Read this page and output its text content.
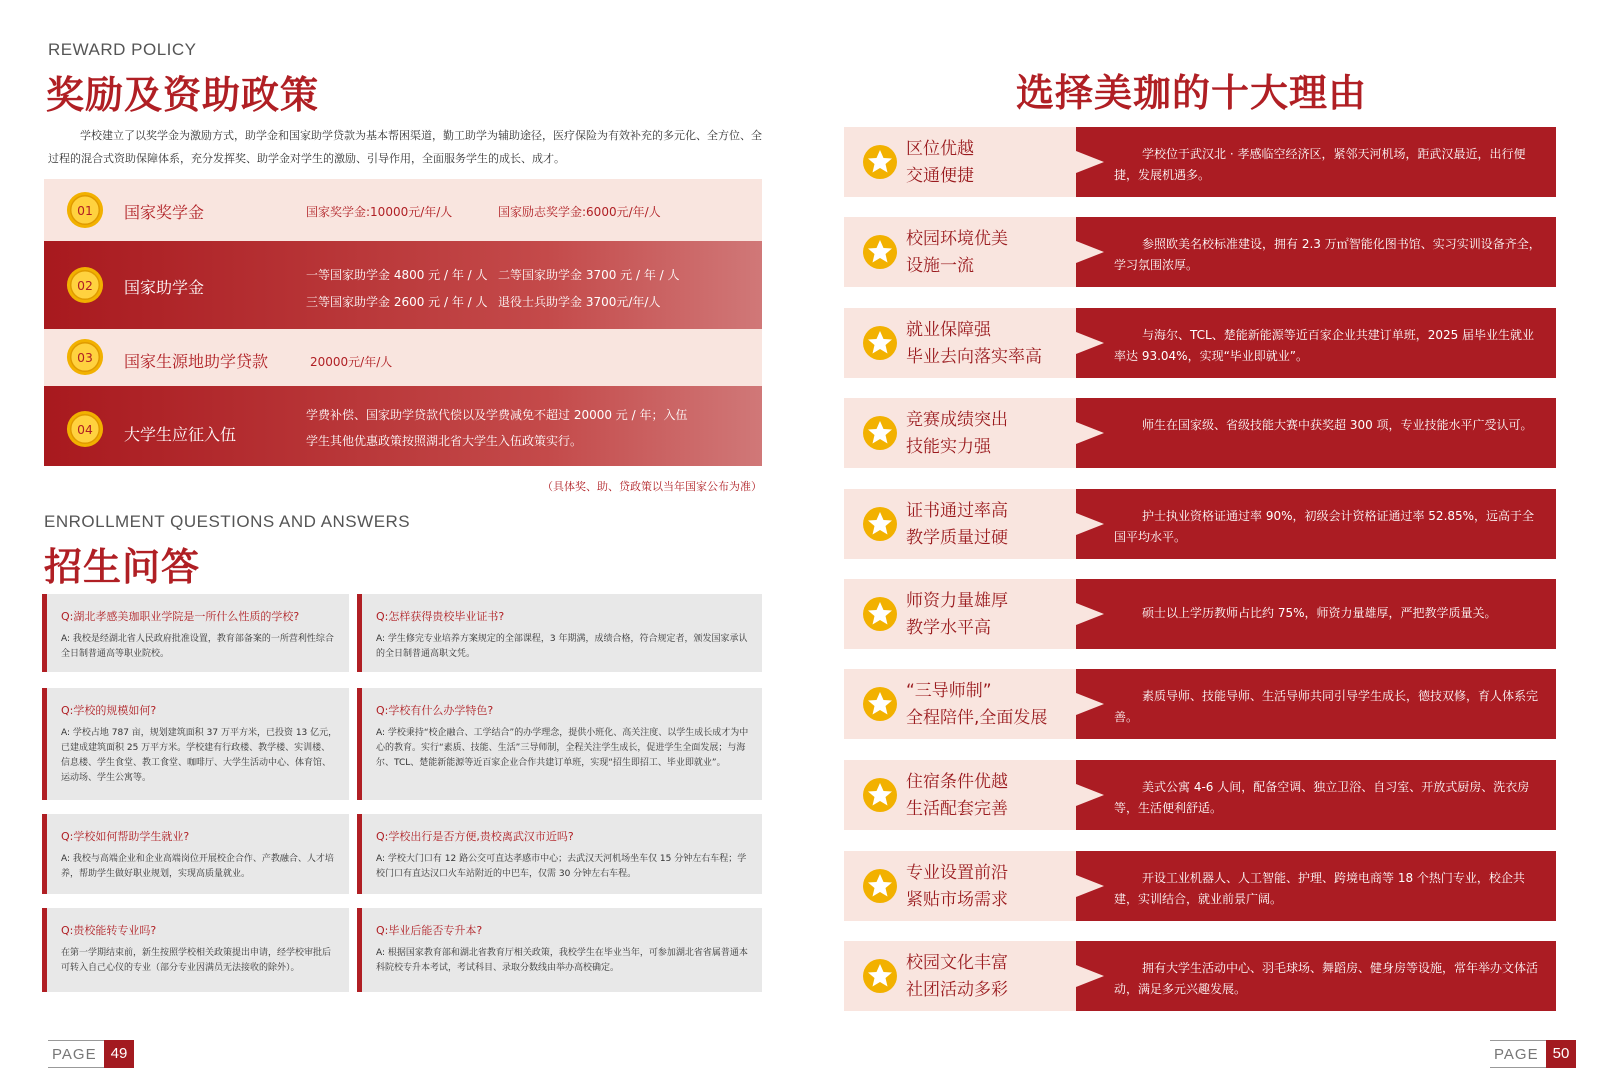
REWARD POLICY
奖励及资助政策
学校建立了以奖学金为激励方式，助学金和国家助学贷款为基本帮困渠道，勤工助学为辅助途径，医疗保险为有效补充的多元化、全方位、全过程的混合式资助保障体系，充分发挥奖、助学金对学生的激励、引导作用，全面服务学生的成长、成才。
01 国家奖学金	国家奖学金:10000元/年/人	国家励志奖学金:6000元/年/人
02 国家助学金
一等国家助学金 4800 元 / 年 / 人 二等国家助学金 3700 元 / 年 / 人
三等国家助学金 2600 元 / 年 / 人 退役士兵助学金 3700元/年/人
03 国家生源地助学贷款	20000元/年/人
04 大学生应征入伍
学费补偿、国家助学贷款代偿以及学费减免不超过 20000 元 / 年；入伍
学生其他优惠政策按照湖北省大学生入伍政策实行。
（具体奖、助、贷政策以当年国家公布为准）
ENROLLMENT QUESTIONS AND ANSWERS
招生问答
Q:湖北孝感美珈职业学院是一所什么性质的学校?
A: 我校是经湖北省人民政府批准设置，教育部备案的一所营利性综合全日制普通高等职业院校。
Q:怎样获得贵校毕业证书?
A: 学生修完专业培养方案规定的全部课程，3 年期满，成绩合格，符合规定者，颁发国家承认的全日制普通高职文凭。
Q:学校的规模如何?
A: 学校占地 787 亩，规划建筑面积 37 万平方米，已投资 13 亿元，已建成建筑面积 25 万平方米。学校建有行政楼、教学楼、实训楼、信息楼、学生食堂、教工食堂、咖啡厅、大学生活动中心、体育馆、运动场、学生公寓等。
Q:学校有什么办学特色?
A: 学校秉持“校企融合、工学结合”的办学理念，提供小班化、高关注度、以学生成长成才为中心的教育。实行“素质、技能、生活”三导师制，全程关注学生成长，促进学生全面发展；与海尔、TCL、楚能新能源等近百家企业合作共建订单班，实现“招生即招工、毕业即就业”。
Q:学校如何帮助学生就业?
A: 我校与高端企业和企业高端岗位开展校企合作、产教融合、人才培养，帮助学生做好职业规划，实现高质量就业。
Q:学校出行是否方便,贵校离武汉市近吗?
A: 学校大门口有 12 路公交可直达孝感市中心；去武汉天河机场坐车仅 15 分钟左右车程；学校门口有直达汉口火车站附近的中巴车，仅需 30 分钟左右车程。
Q:贵校能转专业吗?
在第一学期结束前，新生按照学校相关政策提出申请，经学校审批后可转入自己心仪的专业（部分专业因满员无法接收的除外）。
Q:毕业后能否专升本?
A: 根据国家教育部和湖北省教育厅相关政策，我校学生在毕业当年，可参加湖北省省属普通本科院校专升本考试，考试科目、录取分数线由举办高校确定。
PAGE 49
选择美珈的十大理由
区位优越
交通便捷
学校位于武汉北 · 孝感临空经济区，紧邻天河机场，距武汉最近，出行便捷，发展机遇多。
校园环境优美
设施一流
参照欧美名校标准建设，拥有 2.3 万㎡智能化图书馆、实习实训设备齐全，学习氛围浓厚。
就业保障强
毕业去向落实率高
与海尔、TCL、楚能新能源等近百家企业共建订单班，2025 届毕业生就业率达 93.04%，实现“毕业即就业”。
竞赛成绩突出
技能实力强
师生在国家级、省级技能大赛中获奖超 300 项，专业技能水平广受认可。
证书通过率高
教学质量过硬
护士执业资格证通过率 90%，初级会计资格证通过率 52.85%，远高于全国平均水平。
师资力量雄厚
教学水平高
硕士以上学历教师占比约 75%，师资力量雄厚，严把教学质量关。
“三导师制”
全程陪伴,全面发展
素质导师、技能导师、生活导师共同引导学生成长，德技双修，育人体系完善。
住宿条件优越
生活配套完善
美式公寓 4-6 人间，配备空调、独立卫浴、自习室、开放式厨房、洗衣房等，生活便利舒适。
专业设置前沿
紧贴市场需求
开设工业机器人、人工智能、护理、跨境电商等 18 个热门专业，校企共建，实训结合，就业前景广阔。
校园文化丰富
社团活动多彩
拥有大学生活动中心、羽毛球场、舞蹈房、健身房等设施，常年举办文体活动，满足多元兴趣发展。
PAGE 50
